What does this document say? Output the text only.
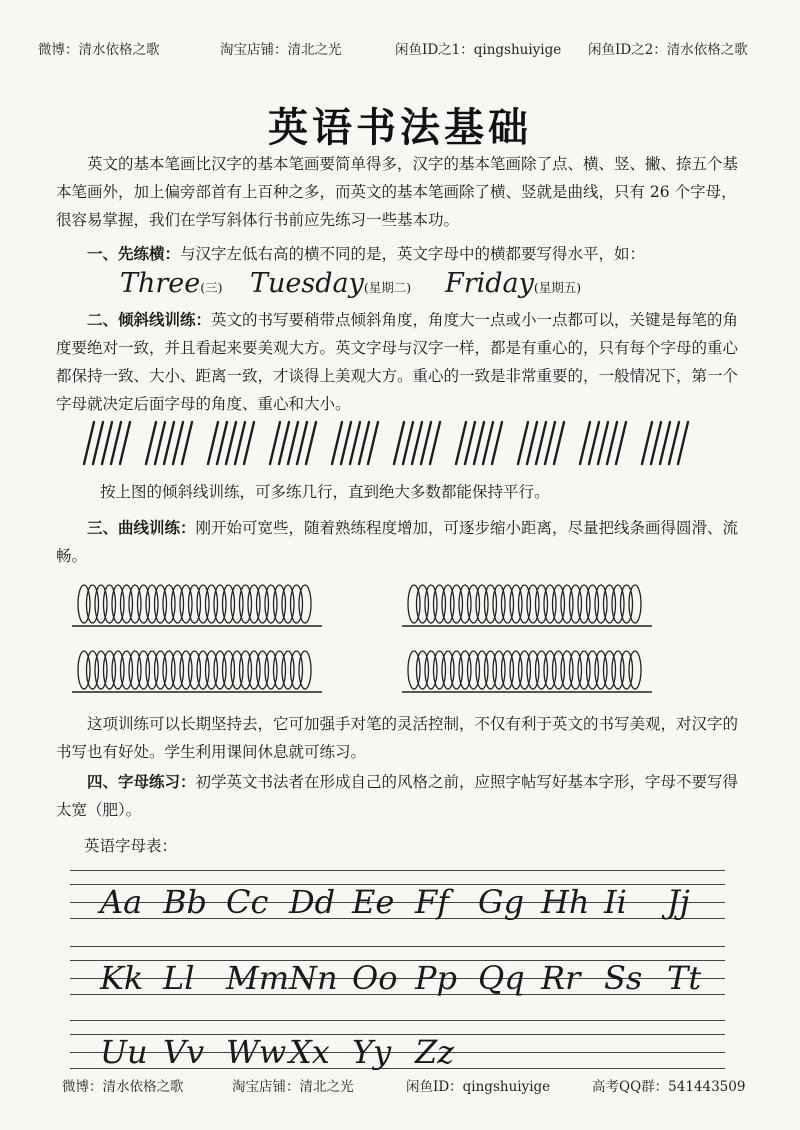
微博：清水依格之歌	淘宝店铺：清北之光	闲鱼ID之1：qingshuiyige 闲鱼ID之2：清水依格之歌
英语书法基础
英文的基本笔画比汉字的基本笔画要简单得多，汉字的基本笔画除了点、横、竖、撇、捺五个基本笔画外，加上偏旁部首有上百种之多，而英文的基本笔画除了横、竖就是曲线，只有 26 个字母，很容易掌握，我们在学写斜体行书前应先练习一些基本功。
一、先练横：与汉字左低右高的横不同的是，英文字母中的横都要写得水平，如：
Three(三) Tuesday(星期二) Friday(星期五)
二、倾斜线训练：英文的书写要稍带点倾斜角度，角度大一点或小一点都可以，关键是每笔的角度要绝对一致，并且看起来要美观大方。英文字母与汉字一样，都是有重心的，只有每个字母的重心都保持一致、大小、距离一致，才谈得上美观大方。重心的一致是非常重要的，一般情况下，第一个字母就决定后面字母的角度、重心和大小。
按上图的倾斜线训练，可多练几行，直到绝大多数都能保持平行。
三、曲线训练：刚开始可宽些，随着熟练程度增加，可逐步缩小距离，尽量把线条画得圆滑、流畅。
这项训练可以长期坚持去，它可加强手对笔的灵活控制，不仅有利于英文的书写美观，对汉字的书写也有好处。学生利用课间休息就可练习。
四、字母练习：初学英文书法者在形成自己的风格之前，应照字帖写好基本字形，字母不要写得太宽（肥）。
英语字母表：
Aa Bb Cc Dd Ee Ff Gg Hh Ii	Jj
Kk Ll Mm Nn Oo Pp Qq Rr Ss Tt
Uu Vv Ww Xx Yy Zz
微博：清水依格之歌	淘宝店铺：清北之光	闲鱼ID：qingshuiyige	高考QQ群：541443509
